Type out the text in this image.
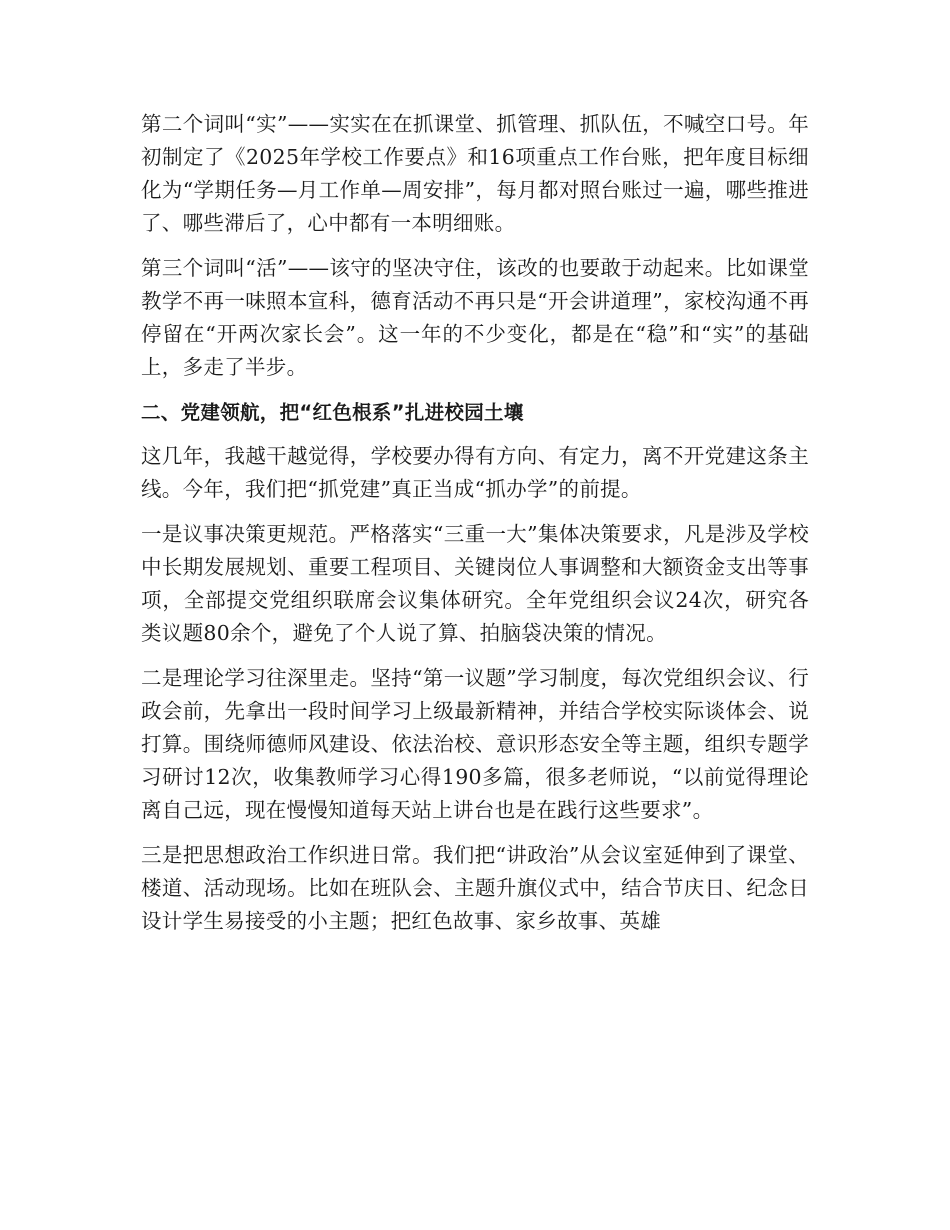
第二个词叫“实”——实实在在抓课堂、抓管理、抓队伍，不喊空口号。年初制定了《2025年学校工作要点》和16项重点工作台账，把年度目标细化为“学期任务—月工作单—周安排”，每月都对照台账过一遍，哪些推进了、哪些滞后了，心中都有一本明细账。

第三个词叫“活”——该守的坚决守住，该改的也要敢于动起来。比如课堂教学不再一味照本宣科，德育活动不再只是“开会讲道理”，家校沟通不再停留在“开两次家长会”。这一年的不少变化，都是在“稳”和“实”的基础上，多走了半步。

二、党建领航，把“红色根系”扎进校园土壤

这几年，我越干越觉得，学校要办得有方向、有定力，离不开党建这条主线。今年，我们把“抓党建”真正当成“抓办学”的前提。

一是议事决策更规范。严格落实“三重一大”集体决策要求，凡是涉及学校中长期发展规划、重要工程项目、关键岗位人事调整和大额资金支出等事项，全部提交党组织联席会议集体研究。全年党组织会议24次，研究各类议题80余个，避免了个人说了算、拍脑袋决策的情况。

二是理论学习往深里走。坚持“第一议题”学习制度，每次党组织会议、行政会前，先拿出一段时间学习上级最新精神，并结合学校实际谈体会、说打算。围绕师德师风建设、依法治校、意识形态安全等主题，组织专题学习研讨12次，收集教师学习心得190多篇，很多老师说，“以前觉得理论离自己远，现在慢慢知道每天站上讲台也是在践行这些要求”。

三是把思想政治工作织进日常。我们把“讲政治”从会议室延伸到了课堂、楼道、活动现场。比如在班队会、主题升旗仪式中，结合节庆日、纪念日设计学生易接受的小主题；把红色故事、家乡故事、英雄
